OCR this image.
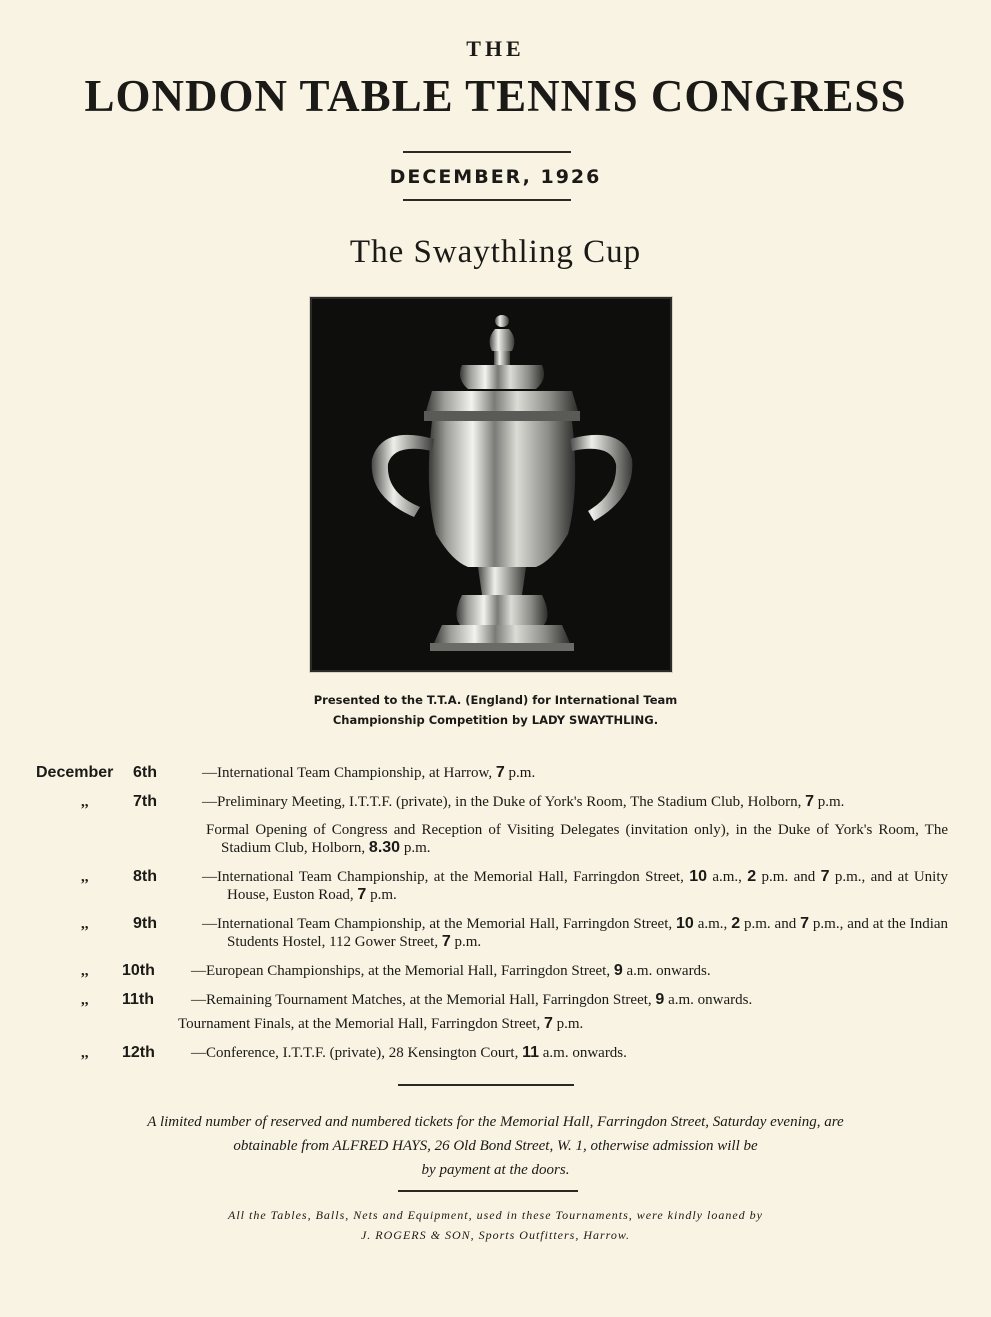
THE
LONDON TABLE TENNIS CONGRESS
DECEMBER, 1926
The Swaythling Cup
Presented to the T.T.A. (England) for International Team
Championship Competition by LADY SWAYTHLING.
December 6th	—International Team Championship, at Harrow, 7 p.m.
,,	7th	—Preliminary Meeting, I.T.T.F. (private), in the Duke of York's Room, The Stadium Club, Holborn, 7 p.m.
Formal Opening of Congress and Reception of Visiting Delegates (invitation only), in the Duke of York's Room, The Stadium Club, Holborn, 8.30 p.m.
,,	8th	—International Team Championship, at the Memorial Hall, Farringdon Street, 10 a.m., 2 p.m. and 7 p.m., and at Unity House, Euston Road, 7 p.m.
,,	9th	—International Team Championship, at the Memorial Hall, Farringdon Street, 10 a.m., 2 p.m. and 7 p.m., and at the Indian Students Hostel, 112 Gower Street, 7 p.m.
,, 10th —European Championships, at the Memorial Hall, Farringdon Street, 9 a.m. onwards.
,, 11th —Remaining Tournament Matches, at the Memorial Hall, Farringdon Street, 9 a.m. onwards.
Tournament Finals, at the Memorial Hall, Farringdon Street, 7 p.m.
,, 12th —Conference, I.T.T.F. (private), 28 Kensington Court, 11 a.m. onwards.
A limited number of reserved and numbered tickets for the Memorial Hall, Farringdon Street, Saturday evening, are
obtainable from ALFRED HAYS, 26 Old Bond Street, W. 1, otherwise admission will be
by payment at the doors.
All the Tables, Balls, Nets and Equipment, used in these Tournaments, were kindly loaned by
J. ROGERS & SON, Sports Outfitters, Harrow.
